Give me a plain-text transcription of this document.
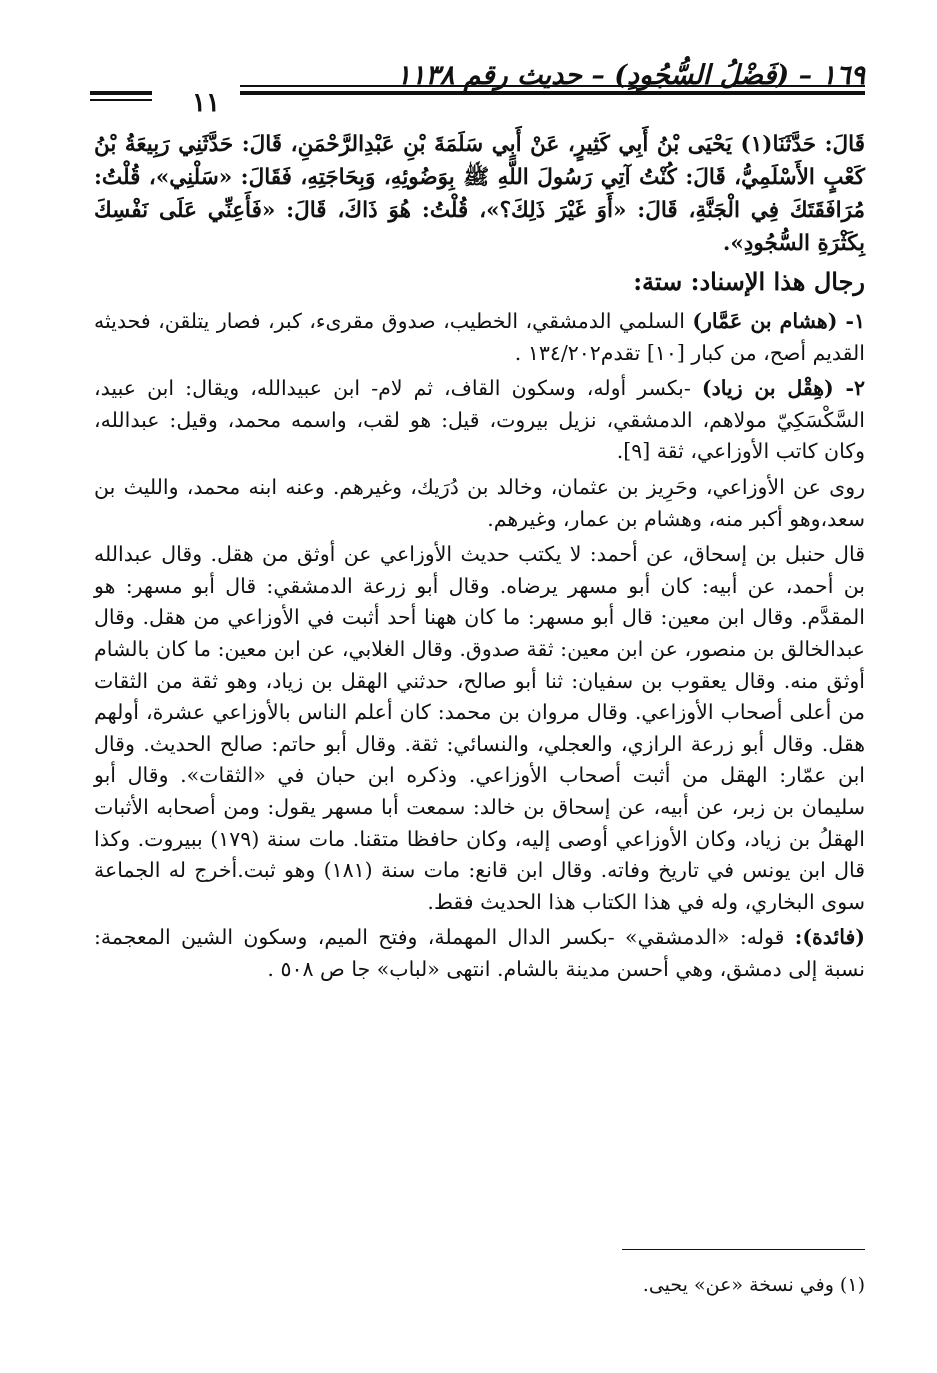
١٦٩ – (فَضْلُ السُّجُودِ) – حديث رقم ١١٣٨
١١

قَالَ: حَدَّثَنَا(١) يَحْيَى بْنُ أَبِي كَثِيرٍ، عَنْ أَبِي سَلَمَةَ بْنِ عَبْدِالرَّحْمَنِ، قَالَ: حَدَّثَنِي رَبِيعَةُ بْنُ كَعْبٍ الأَسْلَمِيُّ، قَالَ: كُنْتُ آتِي رَسُولَ اللَّهِ ﷺ بِوَضُوئِهِ، وَبِحَاجَتِهِ، فَقَالَ: «سَلْنِي»، قُلْتُ: مُرَافَقَتَكَ فِي الْجَنَّةِ، قَالَ: «أَوَ غَيْرَ ذَلِكَ؟»، قُلْتُ: هُوَ ذَاكَ، قَالَ: «فَأَعِنِّي عَلَى نَفْسِكَ بِكَثْرَةِ السُّجُودِ».

رجال هذا الإسناد: ستة:

١- (هشام بن عَمَّار) السلمي الدمشقي، الخطيب، صدوق مقرىء، كبر، فصار يتلقن، فحديثه القديم أصح، من كبار [١٠] تقدم١٣٤/٢٠٢ .

٢- (هِقْل بن زياد) -بكسر أوله، وسكون القاف، ثم لام- ابن عبيدالله، ويقال: ابن عبيد، السَّكْسَكِيّ مولاهم، الدمشقي، نزيل بيروت، قيل: هو لقب، واسمه محمد، وقيل: عبدالله، وكان كاتب الأوزاعي، ثقة [٩].

روى عن الأوزاعي، وحَرِيز بن عثمان، وخالد بن دُرَيك، وغيرهم. وعنه ابنه محمد، والليث بن سعد،وهو أكبر منه، وهشام بن عمار، وغيرهم.

قال حنبل بن إسحاق، عن أحمد: لا يكتب حديث الأوزاعي عن أوثق من هقل. وقال عبدالله بن أحمد، عن أبيه: كان أبو مسهر يرضاه. وقال أبو زرعة الدمشقي: قال أبو مسهر: هو المقدَّم. وقال ابن معين: قال أبو مسهر: ما كان ههنا أحد أثبت في الأوزاعي من هقل. وقال عبدالخالق بن منصور، عن ابن معين: ثقة صدوق. وقال الغلابي، عن ابن معين: ما كان بالشام أوثق منه. وقال يعقوب بن سفيان: ثنا أبو صالح، حدثني الهقل بن زياد، وهو ثقة من الثقات من أعلى أصحاب الأوزاعي. وقال مروان بن محمد: كان أعلم الناس بالأوزاعي عشرة، أولهم هقل. وقال أبو زرعة الرازي، والعجلي، والنسائي: ثقة. وقال أبو حاتم: صالح الحديث. وقال ابن عمّار: الهقل من أثبت أصحاب الأوزاعي. وذكره ابن حبان في «الثقات». وقال أبو سليمان بن زبر، عن أبيه، عن إسحاق بن خالد: سمعت أبا مسهر يقول: ومن أصحابه الأثبات الهقلُ بن زياد، وكان الأوزاعي أوصى إليه، وكان حافظا متقنا. مات سنة (١٧٩) ببيروت. وكذا قال ابن يونس في تاريخ وفاته. وقال ابن قانع: مات سنة (١٨١) وهو ثبت.أخرج له الجماعة سوى البخاري، وله في هذا الكتاب هذا الحديث فقط.

(فائدة): قوله: «الدمشقي» -بكسر الدال المهملة، وفتح الميم، وسكون الشين المعجمة: نسبة إلى دمشق، وهي أحسن مدينة بالشام. انتهى «لباب» جا ص ٥٠٨ .

(١) وفي نسخة «عن» يحيى.
